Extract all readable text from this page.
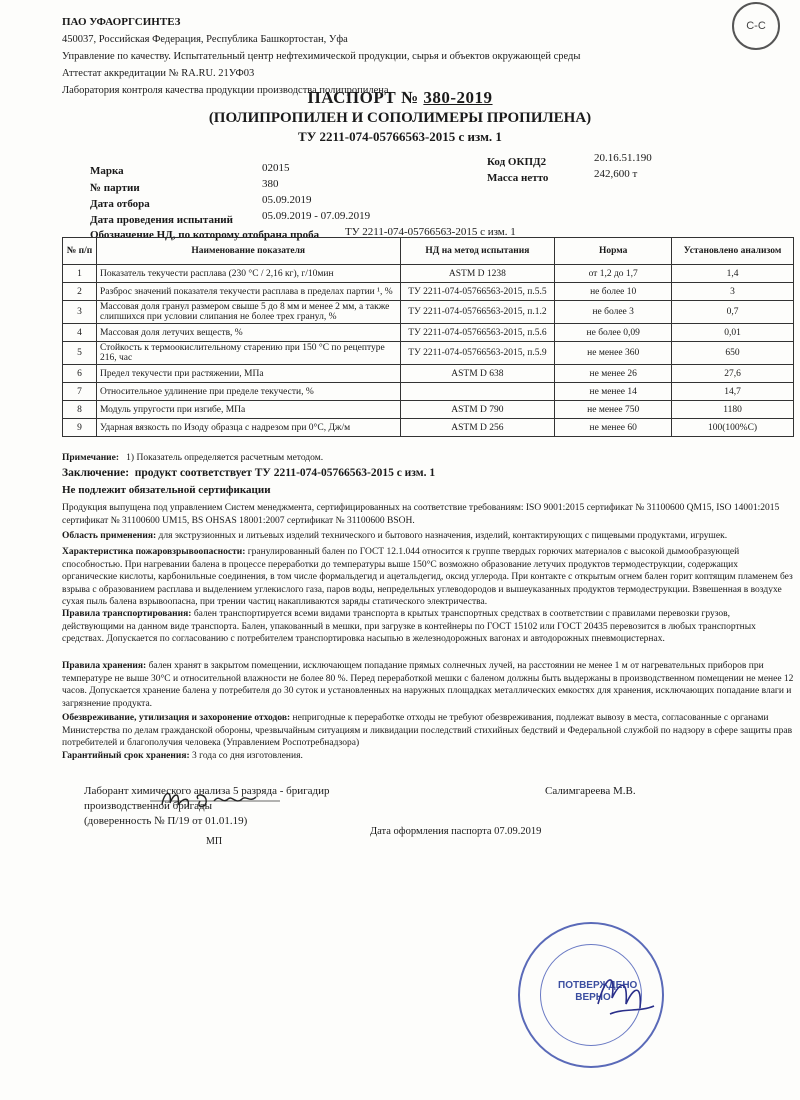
ПАО УФАОРГСИНТЕЗ
450037, Российская Федерация, Республика Башкортостан, Уфа
Управление по качеству. Испытательный центр нефтехимической продукции, сырья и объектов окружающей среды
Аттестат аккредитации № RA.RU. 21УФ03
Лаборатория контроля качества продукции производства полипропилена
C-C
ПАСПОРТ № 380-2019
(ПОЛИПРОПИЛЕН И СОПОЛИМЕРЫ ПРОПИЛЕНА)
ТУ 2211-074-05766563-2015 с изм. 1
Марка	02015
№ партии	380
Дата отбора	05.09.2019
Дата проведения испытаний	05.09.2019 - 07.09.2019
Обозначение НД, по которому отобрана проба ТУ 2211-074-05766563-2015 с изм. 1
Код ОКПД2	20.16.51.190
Масса нетто	242,600 т
№ п/п	Наименование показателя	НД на метод испытания	Норма	Установлено анализом
1	Показатель текучести расплава (230 °С / 2,16 кг), г/10мин	ASTM D 1238	от 1,2 до 1,7	1,4
2	Разброс значений показателя текучести расплава в пределах партии ¹, %	ТУ 2211-074-05766563-2015, п.5.5	не более 10	3
3	Массовая доля гранул размером свыше 5 до 8 мм и менее 2 мм, а также слипшихся при условии слипания не более трех гранул, %	ТУ 2211-074-05766563-2015, п.1.2	не более 3	0,7
4	Массовая доля летучих веществ, %	ТУ 2211-074-05766563-2015, п.5.6	не более 0,09	0,01
5	Стойкость к термоокислительному старению при 150 °С по рецептуре 216, час	ТУ 2211-074-05766563-2015, п.5.9	не менее 360	650
6	Предел текучести при растяжении, МПа	ASTM D 638	не менее 26	27,6
7	Относительное удлинение при пределе текучести, %		не менее 14	14,7
8	Модуль упругости при изгибе, МПа	ASTM D 790	не менее 750	1180
9	Ударная вязкость по Изоду образца с надрезом при 0°С, Дж/м	ASTM D 256	не менее 60	100(100%C)
Примечание: 1) Показатель определяется расчетным методом.
Заключение: продукт соответствует ТУ 2211-074-05766563-2015 с изм. 1
Не подлежит обязательной сертификации
Продукция выпущена под управлением Систем менеджмента, сертифицированных на соответствие требованиям: ISO 9001:2015 сертификат № 31100600 QM15, ISO 14001:2015 сертификат № 31100600 UM15, BS OHSAS 18001:2007 сертификат № 31100600 BSOH.
Область применения: для экструзионных и литьевых изделий технического и бытового назначения, изделий, контактирующих с пищевыми продуктами, игрушек.
Характеристика пожаровзрывоопасности: гранулированный бален по ГОСТ 12.1.044 относится к группе твердых горючих материалов с высокой дымообразующей способностью. При нагревании балена в процессе переработки до температуры выше 150°С возможно образование летучих продуктов термодеструкции, содержащих органические кислоты, карбонильные соединения, в том числе формальдегид и ацетальдегид, оксид углерода. При контакте с открытым огнем бален горит коптящим пламенем без взрыва с образованием расплава и выделением углекислого газа, паров воды, непредельных углеводородов и вышеуказанных продуктов термодеструкции. Взвешенная в воздухе сухая пыль балена взрывоопасна, при трении частиц накапливаются заряды статического электричества.
Правила транспортирования: бален транспортируется всеми видами транспорта в крытых транспортных средствах в соответствии с правилами перевозки грузов, действующими на данном виде транспорта. Бален, упакованный в мешки, при загрузке в контейнеры по ГОСТ 15102 или ГОСТ 20435 перевозится в любых транспортных средствах. Допускается по согласованию с потребителем транспортировка насыпью в железнодорожных вагонах и автодорожных пневмоцистернах.
Правила хранения: бален хранят в закрытом помещении, исключающем попадание прямых солнечных лучей, на расстоянии не менее 1 м от нагревательных приборов при температуре не выше 30°С и относительной влажности не более 80 %. Перед переработкой мешки с баленом должны быть выдержаны в производственном помещении не менее 12 часов. Допускается хранение балена у потребителя до 30 суток и установленных на наружных площадках металлических емкостях для хранения, исключающих попадание влаги и загрязнение продукта.
Обезвреживание, утилизация и захоронение отходов: непригодные к переработке отходы не требуют обезвреживания, подлежат вывозу в места, согласованные с органами Министерства по делам гражданской обороны, чрезвычайным ситуациям и ликвидации последствий стихийных бедствий и Федеральной службой по надзору в сфере защиты прав потребителей и благополучия человека (Управлением Роспотребнадзора)
Гарантийный срок хранения: 3 года со дня изготовления.
Лаборант химического анализа 5 разряда - бригадир
производственной бригады
(доверенность № П/19 от 01.01.19)
Салимгареева М.В.
МП
Дата оформления паспорта 07.09.2019
ПОТВЕРЖДЕНО ВЕРНО
